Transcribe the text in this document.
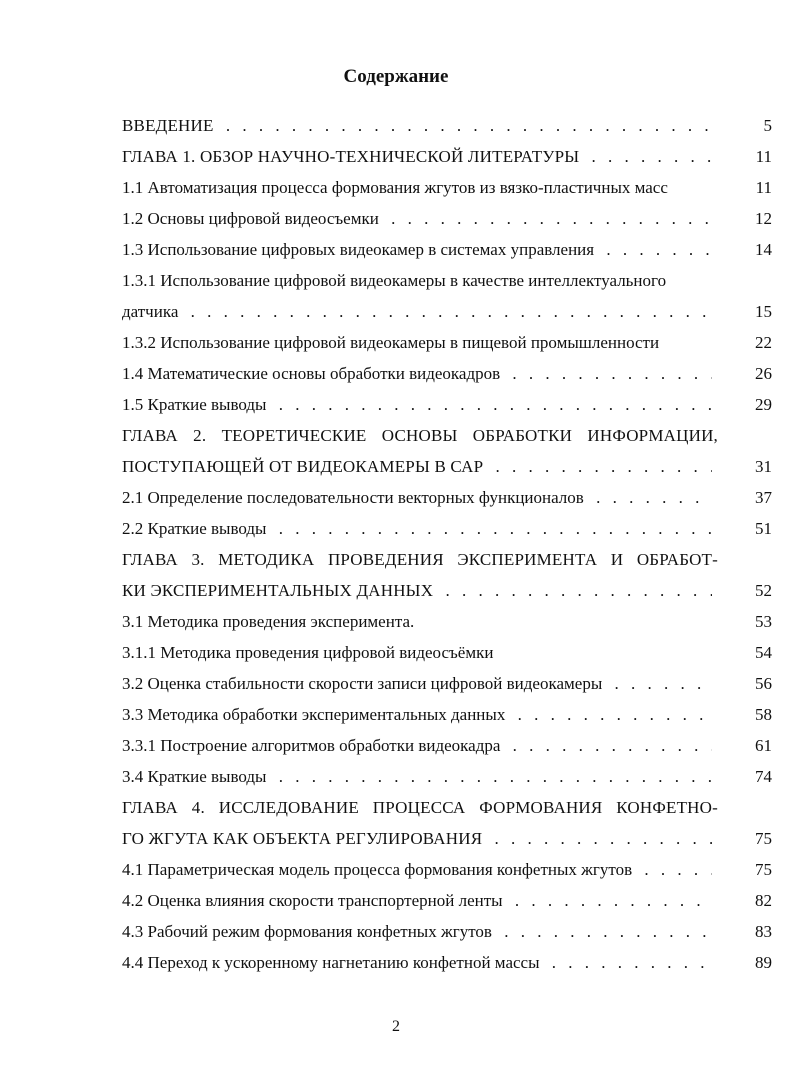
Содержание
ВВЕДЕНИЕ . . .	5
ГЛАВА 1. ОБЗОР НАУЧНО-ТЕХНИЧЕСКОЙ ЛИТЕРАТУРЫ . . .	11
1.1 Автоматизация процесса формования жгутов из вязко-пластичных масс	11
1.2 Основы цифровой видеосъемки . . .	12
1.3 Использование цифровых видеокамер в системах управления . . .	14
1.3.1 Использование цифровой видеокамеры в качестве интеллектуального
датчика . . .	15
1.3.2 Использование цифровой видеокамеры в пищевой промышленности	22
1.4 Математические основы обработки видеокадров . . .	26
1.5 Краткие выводы . . .	29
ГЛАВА 2. ТЕОРЕТИЧЕСКИЕ ОСНОВЫ ОБРАБОТКИ ИНФОРМАЦИИ,
ПОСТУПАЮЩЕЙ ОТ ВИДЕОКАМЕРЫ В САР . . .	31
2.1 Определение последовательности векторных функционалов . . .	37
2.2 Краткие выводы . . .	51
ГЛАВА 3. МЕТОДИКА ПРОВЕДЕНИЯ ЭКСПЕРИМЕНТА И ОБРАБОТ-
КИ ЭКСПЕРИМЕНТАЛЬНЫХ ДАННЫХ . . .	52
3.1 Методика проведения эксперимента.	53
3.1.1 Методика проведения цифровой видеосъёмки	54
3.2 Оценка стабильности скорости записи цифровой видеокамеры . . .	56
3.3 Методика обработки экспериментальных данных . . .	58
3.3.1 Построение алгоритмов обработки видеокадра . . .	61
3.4 Краткие выводы . . .	74
ГЛАВА 4. ИССЛЕДОВАНИЕ ПРОЦЕССА ФОРМОВАНИЯ КОНФЕТНО-
ГО ЖГУТА КАК ОБЪЕКТА РЕГУЛИРОВАНИЯ . . .	75
4.1 Параметрическая модель процесса формования конфетных жгутов . . .	75
4.2 Оценка влияния скорости транспортерной ленты . . .	82
4.3 Рабочий режим формования конфетных жгутов . . .	83
4.4 Переход к ускоренному нагнетанию конфетной массы . . .	89
2
